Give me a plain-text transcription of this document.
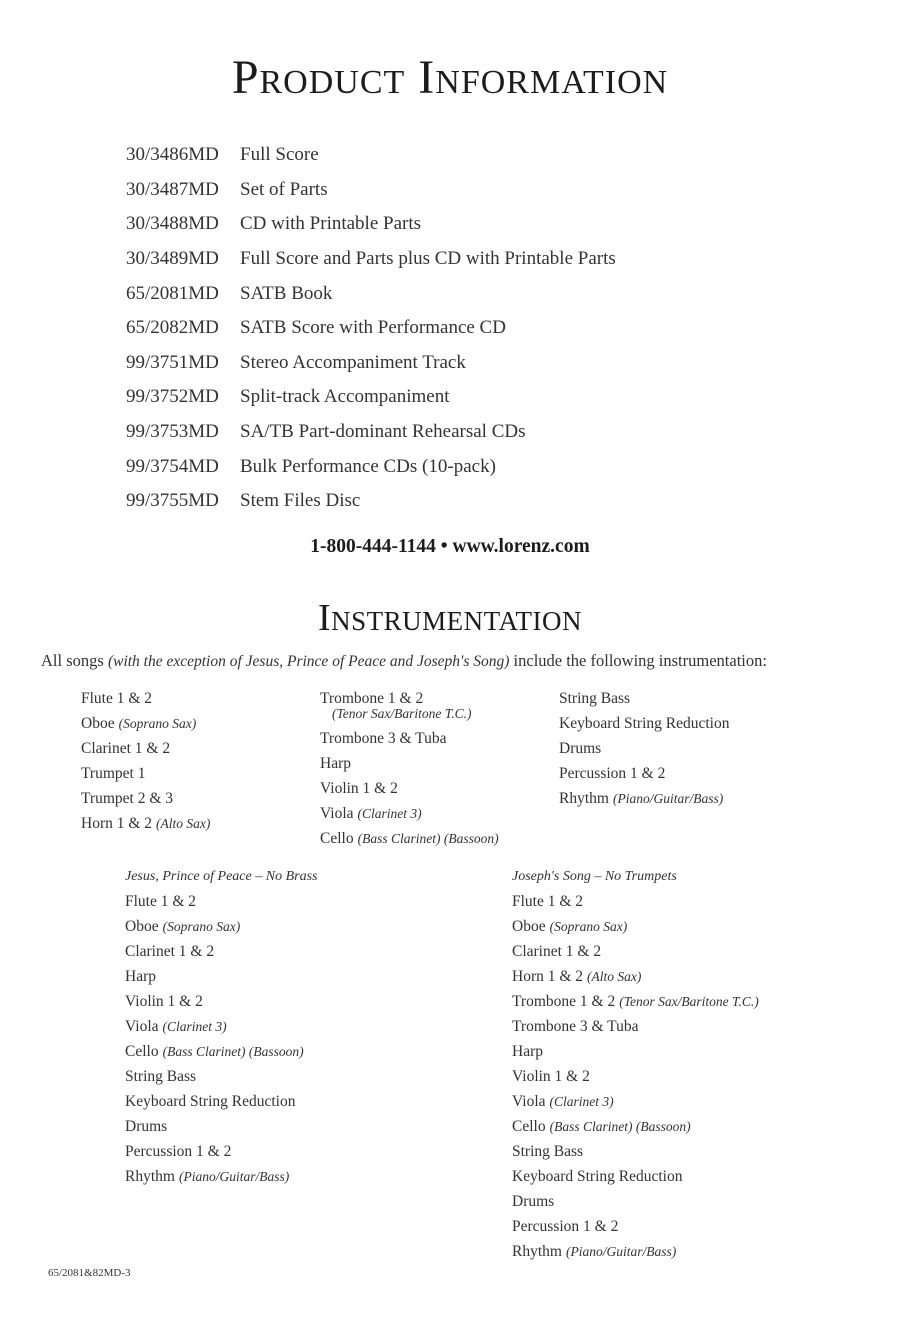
Product Information
30/3486MD	Full Score
30/3487MD	Set of Parts
30/3488MD	CD with Printable Parts
30/3489MD	Full Score and Parts plus CD with Printable Parts
65/2081MD	SATB Book
65/2082MD	SATB Score with Performance CD
99/3751MD	Stereo Accompaniment Track
99/3752MD	Split-track Accompaniment
99/3753MD	SA/TB Part-dominant Rehearsal CDs
99/3754MD	Bulk Performance CDs (10-pack)
99/3755MD	Stem Files Disc
1-800-444-1144 • www.lorenz.com
Instrumentation
All songs (with the exception of Jesus, Prince of Peace and Joseph's Song) include the following instrumentation:
Flute 1 & 2
Oboe (Soprano Sax)
Clarinet 1 & 2
Trumpet 1
Trumpet 2 & 3
Horn 1 & 2 (Alto Sax)
Trombone 1 & 2
(Tenor Sax/Baritone T.C.)
Trombone 3 & Tuba
Harp
Violin 1 & 2
Viola (Clarinet 3)
Cello (Bass Clarinet) (Bassoon)
String Bass
Keyboard String Reduction
Drums
Percussion 1 & 2
Rhythm (Piano/Guitar/Bass)
Jesus, Prince of Peace – No Brass
Flute 1 & 2
Oboe (Soprano Sax)
Clarinet 1 & 2
Harp
Violin 1 & 2
Viola (Clarinet 3)
Cello (Bass Clarinet) (Bassoon)
String Bass
Keyboard String Reduction
Drums
Percussion 1 & 2
Rhythm (Piano/Guitar/Bass)
Joseph's Song – No Trumpets
Flute 1 & 2
Oboe (Soprano Sax)
Clarinet 1 & 2
Horn 1 & 2 (Alto Sax)
Trombone 1 & 2 (Tenor Sax/Baritone T.C.)
Trombone 3 & Tuba
Harp
Violin 1 & 2
Viola (Clarinet 3)
Cello (Bass Clarinet) (Bassoon)
String Bass
Keyboard String Reduction
Drums
Percussion 1 & 2
Rhythm (Piano/Guitar/Bass)
65/2081&82MD-3
